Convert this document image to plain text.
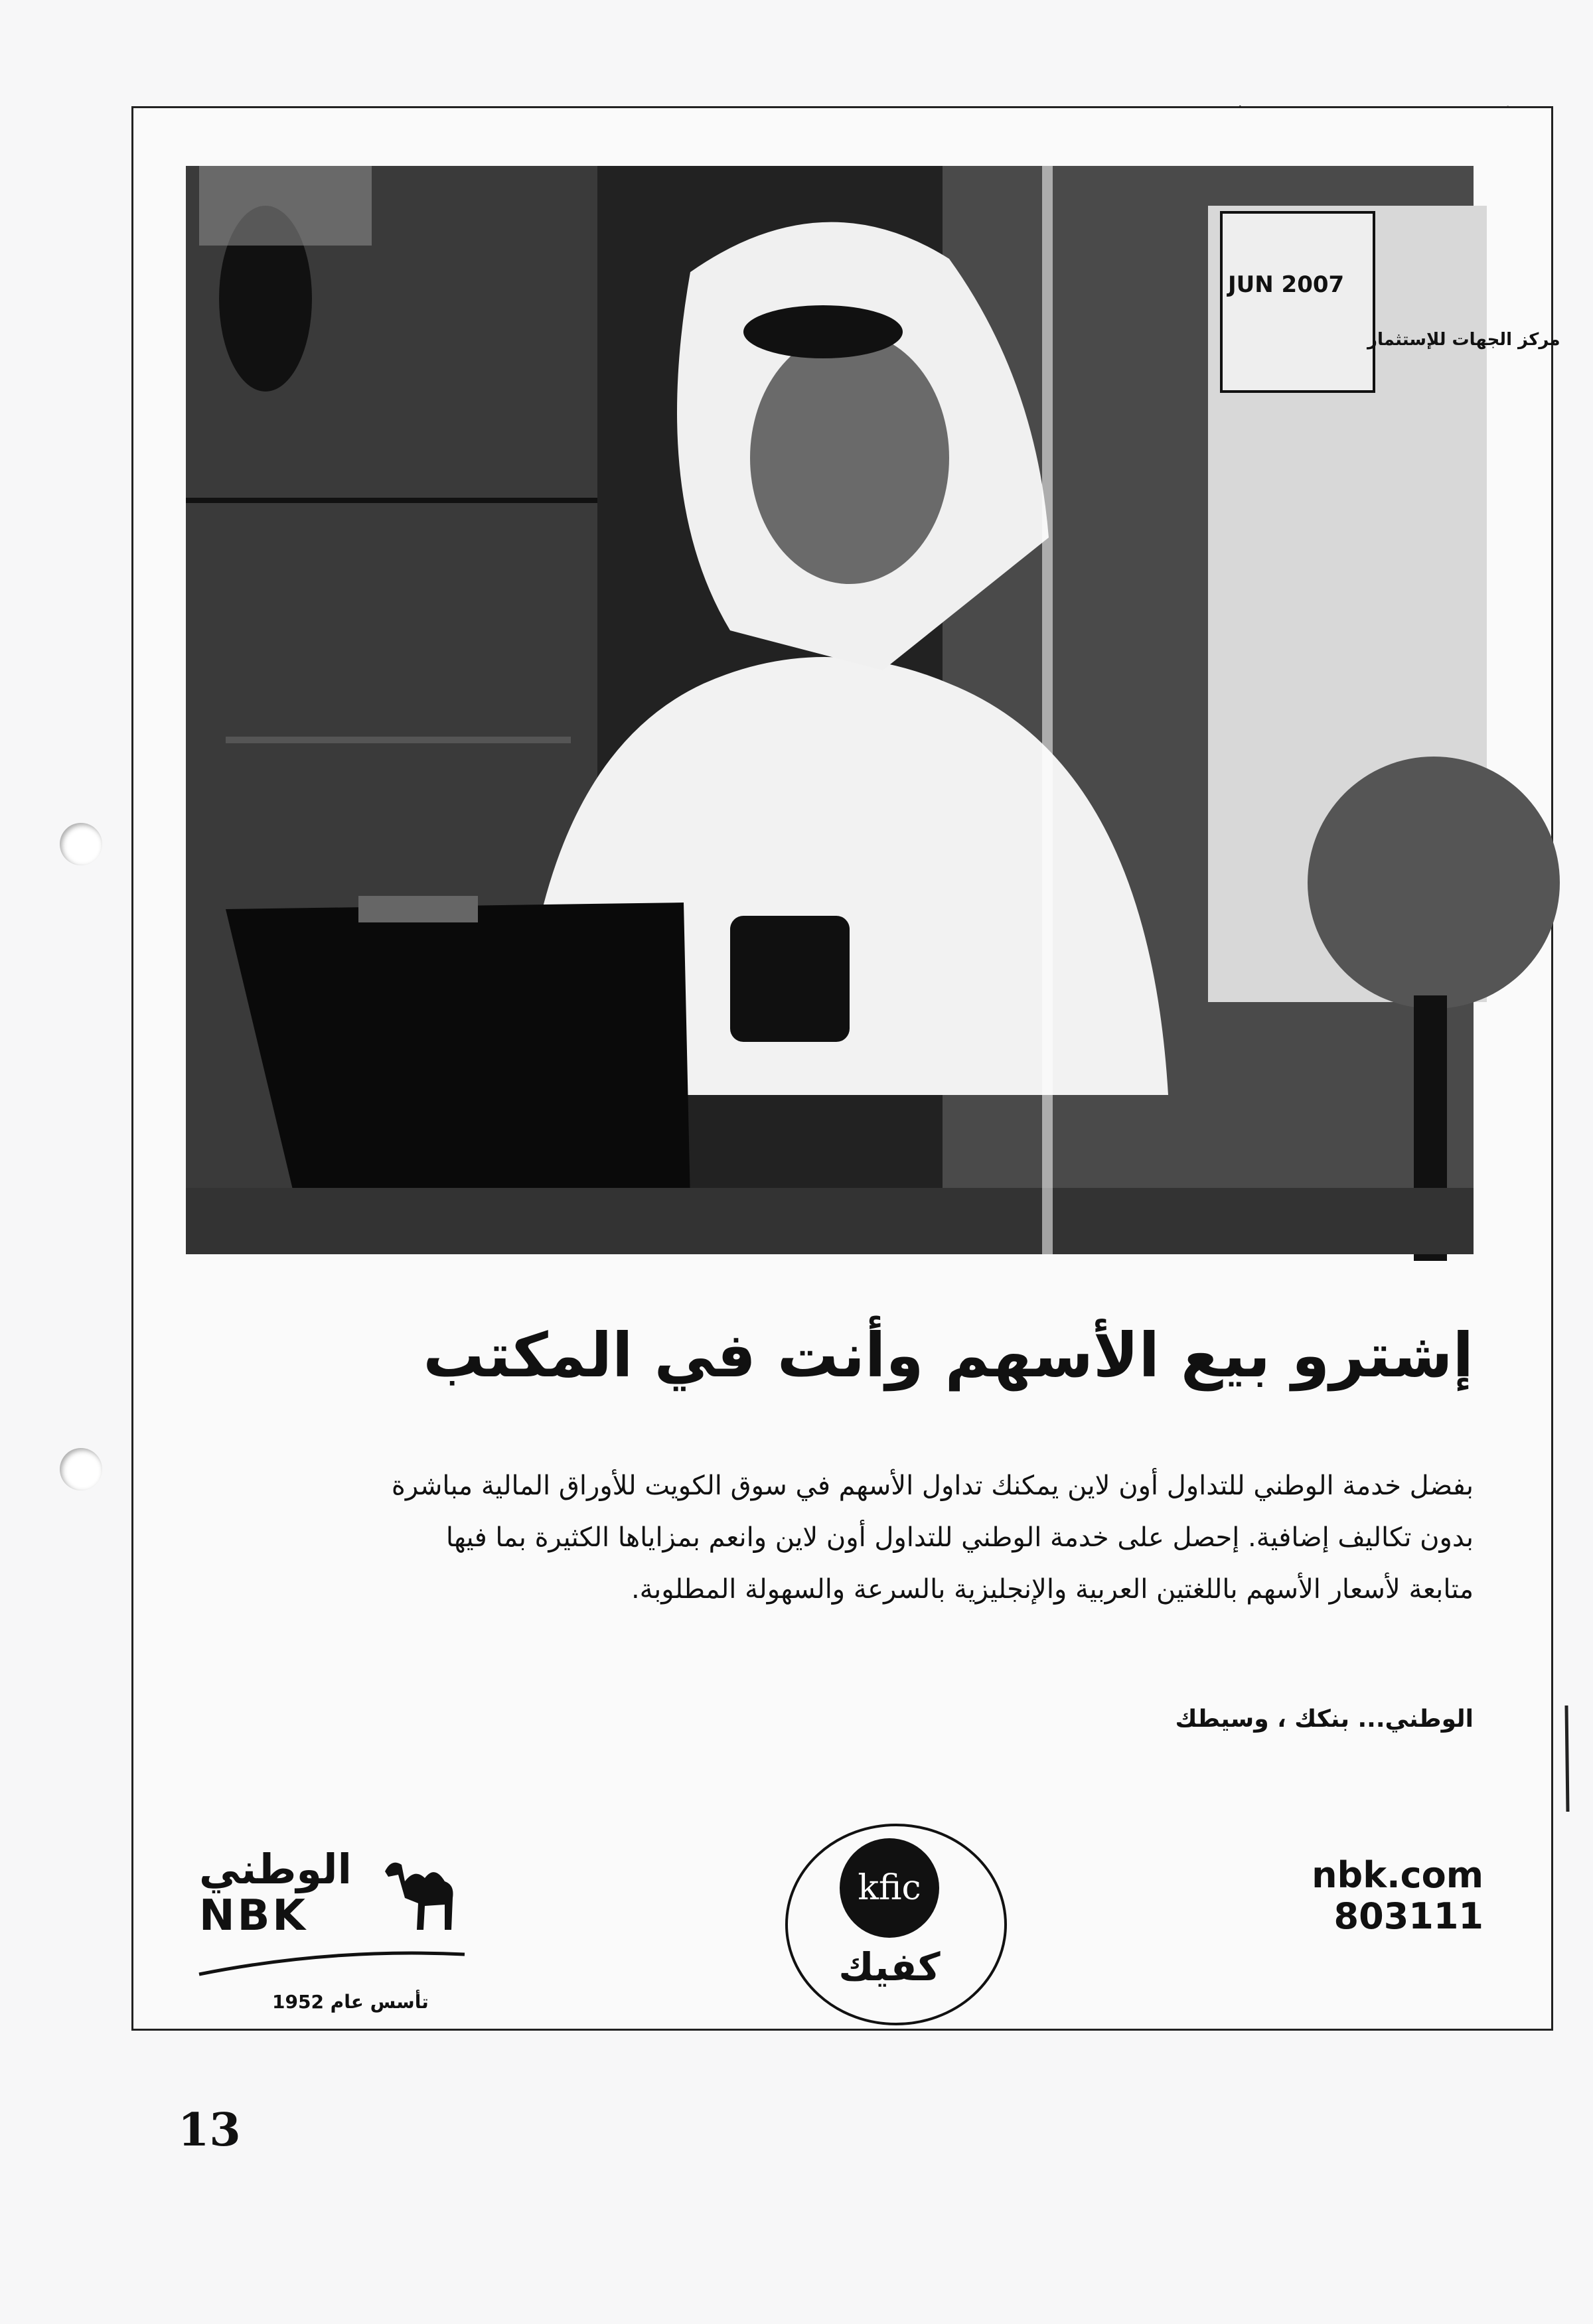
JUN 2007
مركز الجهات للإستثمار
إشترو بيع الأسهم وأنت في المكتب

بفضل خدمة الوطني للتداول أون لاين يمكنك تداول الأسهم في سوق الكويت للأوراق المالية مباشرة

بدون تكاليف إضافية. إحصل على خدمة الوطني للتداول أون لاين وانعم بمزاياها الكثيرة بما فيها

متابعة لأسعار الأسهم باللغتين العربية والإنجليزية بالسرعة والسهولة المطلوبة.

الوطني... بنكك ، وسيطك
nbk.com
803111
kfic
كفيك
الوطني
NBK
تأسس عام 1952
13
